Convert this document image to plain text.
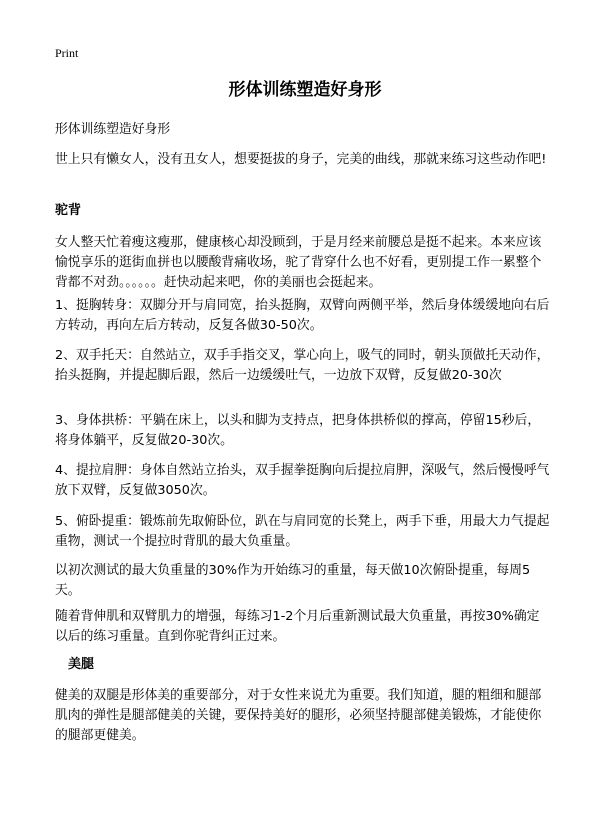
Print
形体训练塑造好身形

形体训练塑造好身形

世上只有懒女人，没有丑女人，想要挺拔的身子，完美的曲线，那就来练习这些动作吧!

驼背

女人整天忙着瘦这瘦那，健康核心却没顾到，于是月经来前腰总是挺不起来。本来应该愉悦享乐的逛街血拼也以腰酸背痛收场，驼了背穿什么也不好看，更别提工作一累整个背都不对劲。。。。。。赶快动起来吧，你的美丽也会挺起来。

1、挺胸转身：双脚分开与肩同宽，抬头挺胸，双臂向两侧平举，然后身体缓缓地向右后方转动，再向左后方转动，反复各做30-50次。

2、双手托天：自然站立，双手手指交叉，掌心向上，吸气的同时，朝头顶做托天动作，抬头挺胸，并提起脚后跟，然后一边缓缓吐气，一边放下双臂，反复做20-30次

3、身体拱桥：平躺在床上，以头和脚为支持点，把身体拱桥似的撑高，停留15秒后，将身体躺平，反复做20-30次。

4、提拉肩胛：身体自然站立抬头，双手握拳挺胸向后提拉肩胛，深吸气，然后慢慢呼气放下双臂，反复做3050次。

5、俯卧提重：锻炼前先取俯卧位，趴在与肩同宽的长凳上，两手下垂，用最大力气提起重物，测试一个提拉时背肌的最大负重量。

以初次测试的最大负重量的30%作为开始练习的重量，每天做10次俯卧提重，每周5天。

随着背伸肌和双臂肌力的增强，每练习1-2个月后重新测试最大负重量，再按30%确定以后的练习重量。直到你驼背纠正过来。

美腿

健美的双腿是形体美的重要部分，对于女性来说尤为重要。我们知道，腿的粗细和腿部肌肉的弹性是腿部健美的关键，要保持美好的腿形，必须坚持腿部健美锻炼，才能使你的腿部更健美。
